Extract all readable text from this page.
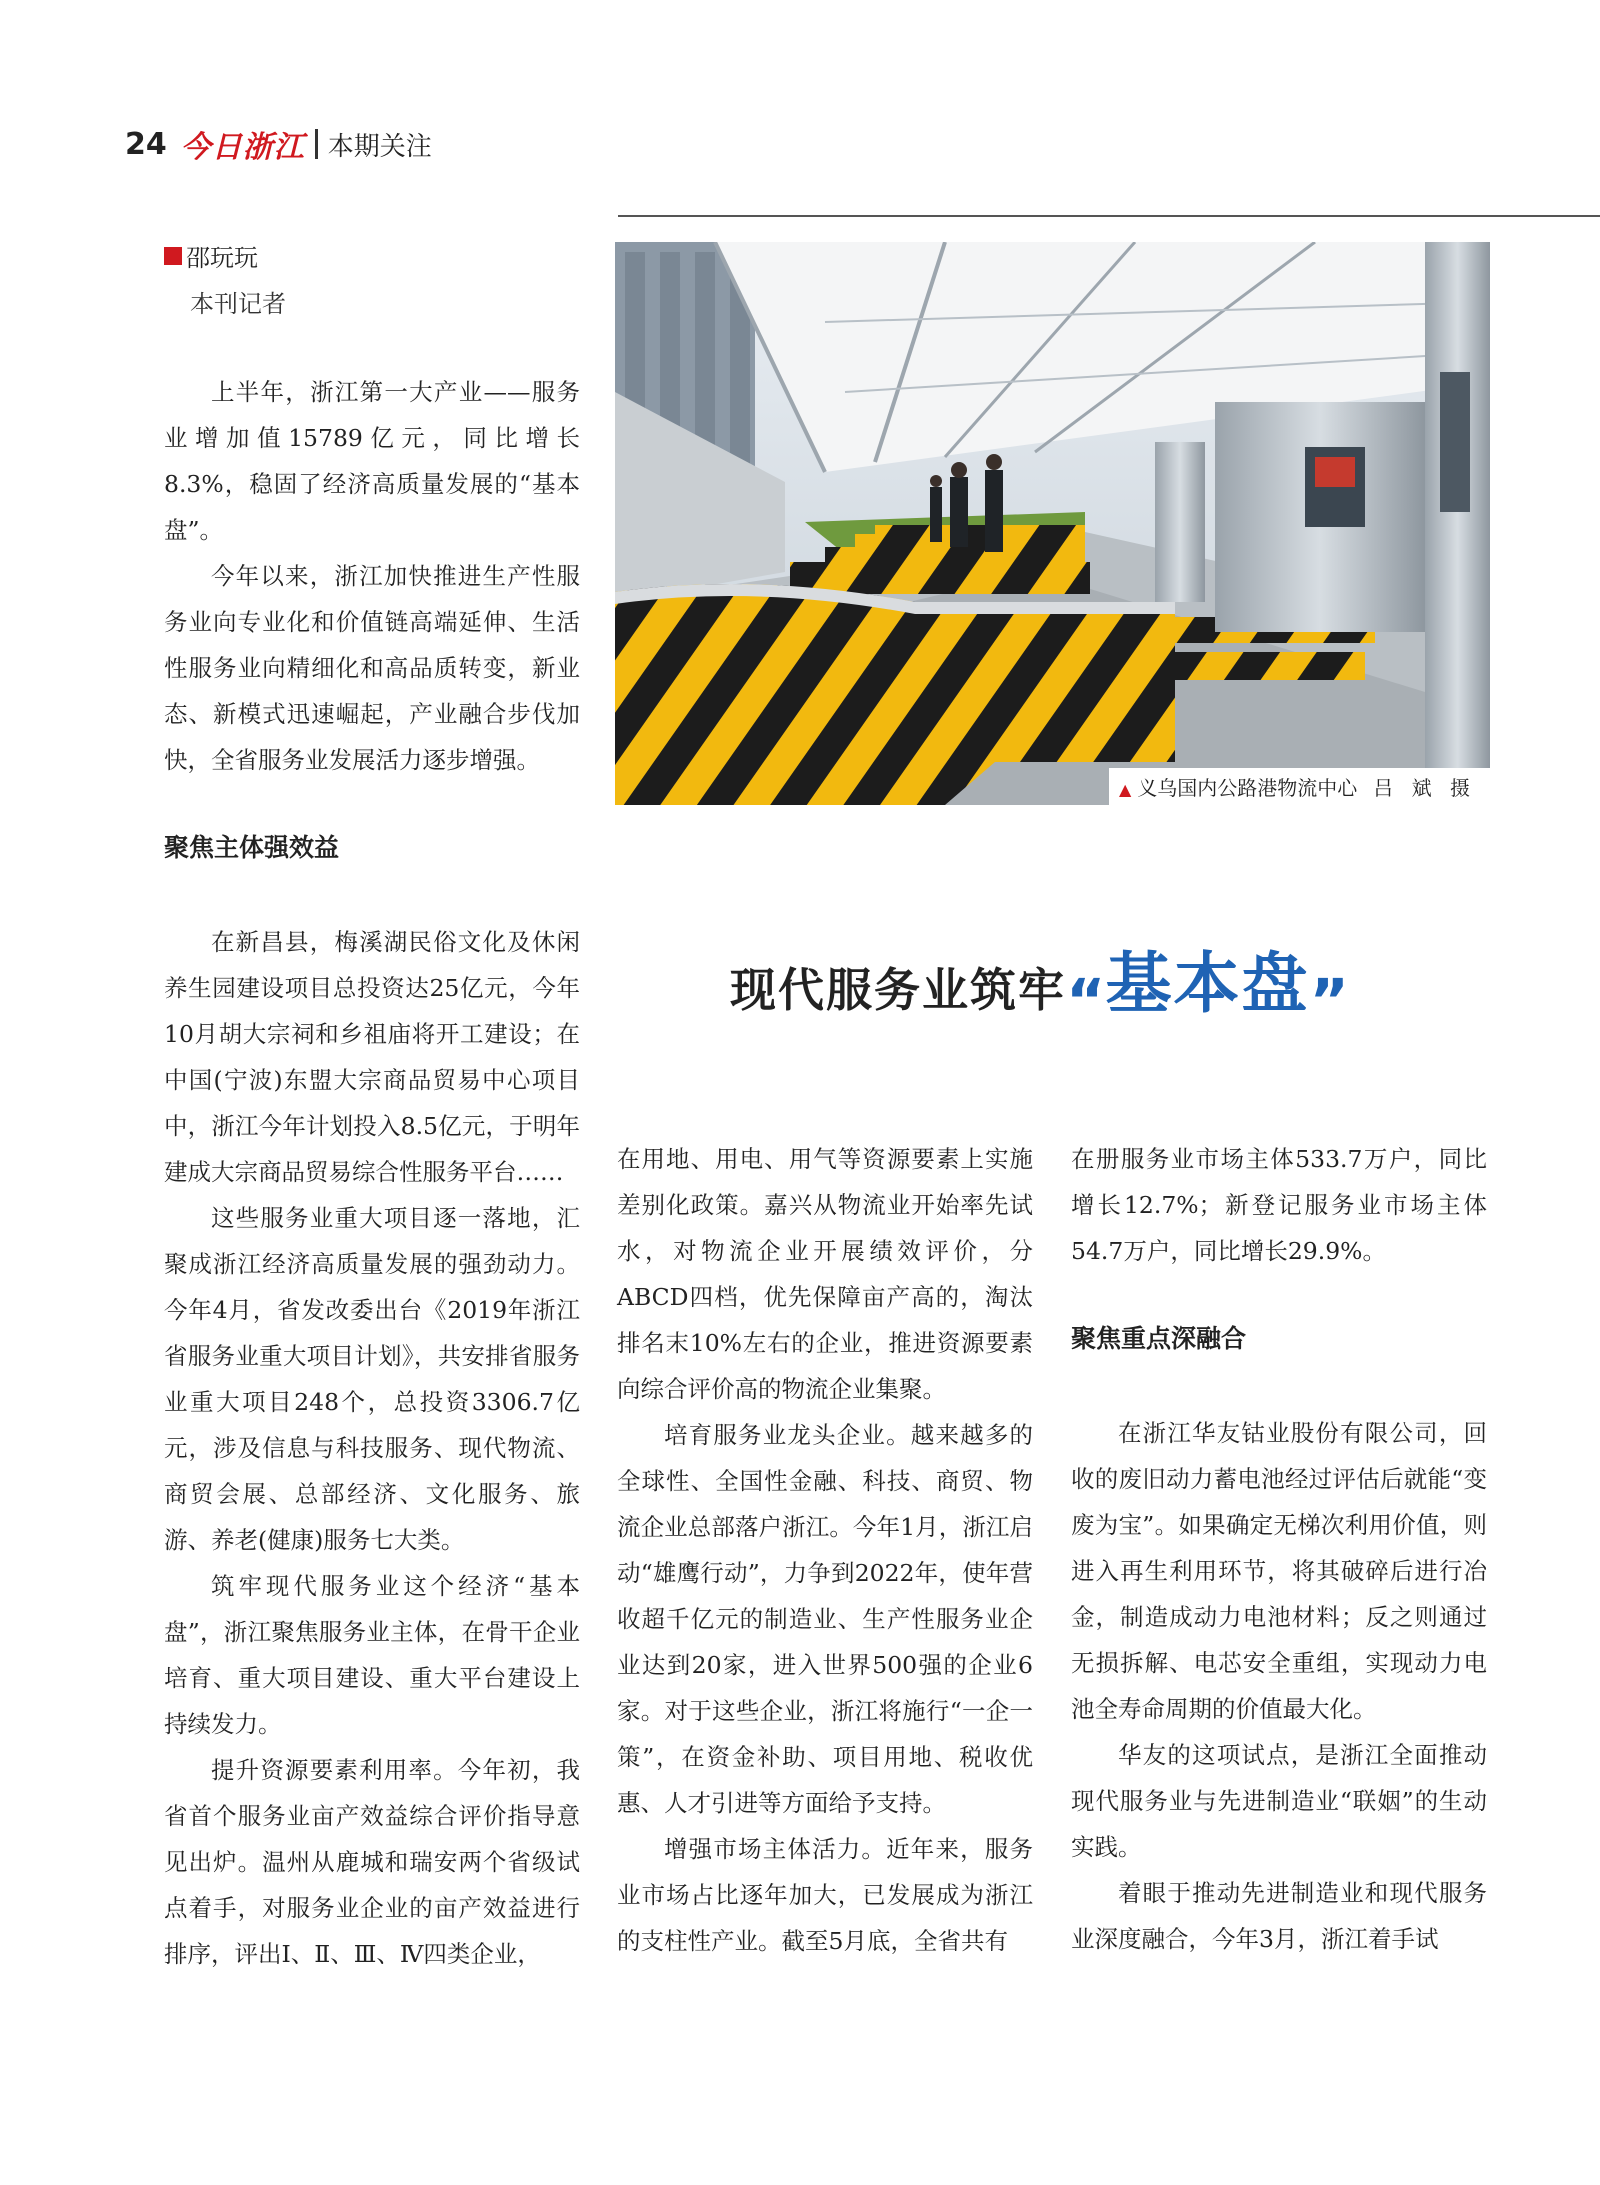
24 今日浙江 本期关注
邵玩玩
本刊记者
▲ 义乌国内公路港物流中心 吕 斌 摄
现代服务业筑牢“基本盘”

上半年，浙江第一大产业——服务业增加值15789亿元，同比增长8.3%，稳固了经济高质量发展的“基本盘”。

今年以来，浙江加快推进生产性服务业向专业化和价值链高端延伸、生活性服务业向精细化和高品质转变，新业态、新模式迅速崛起，产业融合步伐加快，全省服务业发展活力逐步增强。

聚焦主体强效益

在新昌县，梅溪湖民俗文化及休闲养生园建设项目总投资达25亿元，今年10月胡大宗祠和乡祖庙将开工建设；在中国(宁波)东盟大宗商品贸易中心项目中，浙江今年计划投入8.5亿元，于明年建成大宗商品贸易综合性服务平台……

这些服务业重大项目逐一落地，汇聚成浙江经济高质量发展的强劲动力。今年4月，省发改委出台《2019年浙江省服务业重大项目计划》，共安排省服务业重大项目248个，总投资3306.7亿元，涉及信息与科技服务、现代物流、商贸会展、总部经济、文化服务、旅游、养老(健康)服务七大类。

筑牢现代服务业这个经济“基本盘”，浙江聚焦服务业主体，在骨干企业培育、重大项目建设、重大平台建设上持续发力。

提升资源要素利用率。今年初，我省首个服务业亩产效益综合评价指导意见出炉。温州从鹿城和瑞安两个省级试点着手，对服务业企业的亩产效益进行排序，评出Ⅰ、Ⅱ、Ⅲ、Ⅳ四类企业，

在用地、用电、用气等资源要素上实施差别化政策。嘉兴从物流业开始率先试水，对物流企业开展绩效评价，分ABCD四档，优先保障亩产高的，淘汰排名末10%左右的企业，推进资源要素向综合评价高的物流企业集聚。

培育服务业龙头企业。越来越多的全球性、全国性金融、科技、商贸、物流企业总部落户浙江。今年1月，浙江启动“雄鹰行动”，力争到2022年，使年营收超千亿元的制造业、生产性服务业企业达到20家，进入世界500强的企业6家。对于这些企业，浙江将施行“一企一策”，在资金补助、项目用地、税收优惠、人才引进等方面给予支持。

增强市场主体活力。近年来，服务业市场占比逐年加大，已发展成为浙江的支柱性产业。截至5月底，全省共有

在册服务业市场主体533.7万户，同比增长12.7%；新登记服务业市场主体54.7万户，同比增长29.9%。

聚焦重点深融合

在浙江华友钴业股份有限公司，回收的废旧动力蓄电池经过评估后就能“变废为宝”。如果确定无梯次利用价值，则进入再生利用环节，将其破碎后进行冶金，制造成动力电池材料；反之则通过无损拆解、电芯安全重组，实现动力电池全寿命周期的价值最大化。

华友的这项试点，是浙江全面推动现代服务业与先进制造业“联姻”的生动实践。

着眼于推动先进制造业和现代服务业深度融合，今年3月，浙江着手试
